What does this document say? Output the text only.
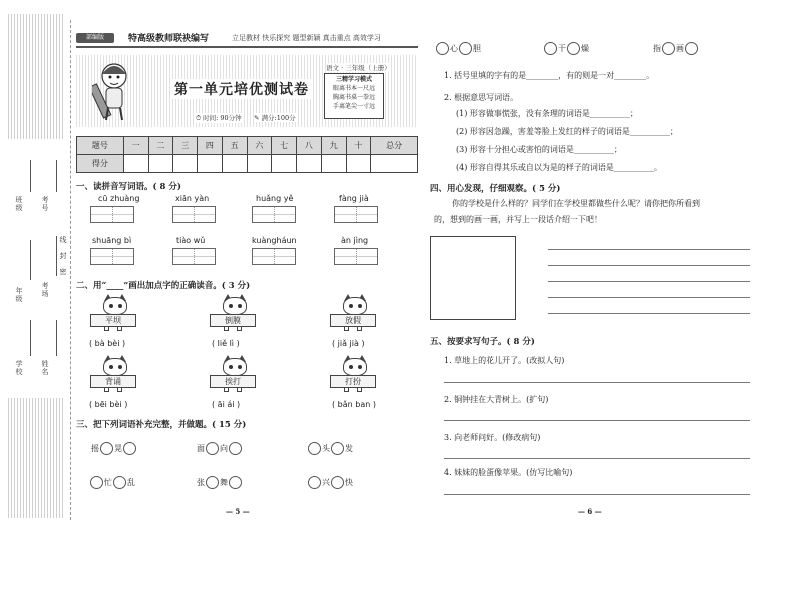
班级	考号
密
封
线
年级	考场
学校	姓名
部编版	特高级教师联袂编写	立足教材 快乐探究 题型新颖 真击重点 高效学习
第一单元培优测试卷
语文 · 三年级（上册）
⏱ 时间: 90分钟 ✎ 满分:100分
三精学习模式
眼离书本一尺远
胸离书桌一拳远
手离笔尖一寸远
题号	一	二	三	四	五	六	七	八	九	十	总分
得分											
一、读拼音写词语。( 8 分)
cū zhuàng	xiān yàn	huǎng yě	fàng jià
shuāng bì	tiào wǔ	kuàngháun	àn jìng
二、用“____”画出加点字的正确读音。( 3 分)
平坝
( bà bèi )
倒膜
( liě lì )
放假
( jiǎ jià )
背诵
( bēi bèi )
挨打
( āi ái )
打扮
( bǎn ban )
三、把下列词语补充完整，并做题。( 15 分)
摇 晃	面 向	头 发
忙 乱	张 舞	兴 快
— 5 —
心 胆	干 燥	指 画
1. 括号里填的字有的是________，有的则是一对________。
2. 根据意思写词语。
(1) 形容做事慌张，没有条理的词语是__________；
(2) 形容因急躁，害羞等脸上发红的样子的词语是__________；
(3) 形容十分担心或害怕的词语是__________；
(4) 形容自得其乐或自以为是的样子的词语是__________。
四、用心发现，仔细观察。( 5 分)
你的学校是什么样的？同学们在学校里都做些什么呢？请你把你所看到
的，想到的画一画，并写上一段话介绍一下吧！
五、按要求写句子。( 8 分)
1. 草地上的花儿开了。(改拟人句)
2. 铜钟挂在大青树上。(扩句)
3. 向老师问好。(修改病句)
4. 妹妹的脸蛋像苹果。(仿写比喻句)
— 6 —
